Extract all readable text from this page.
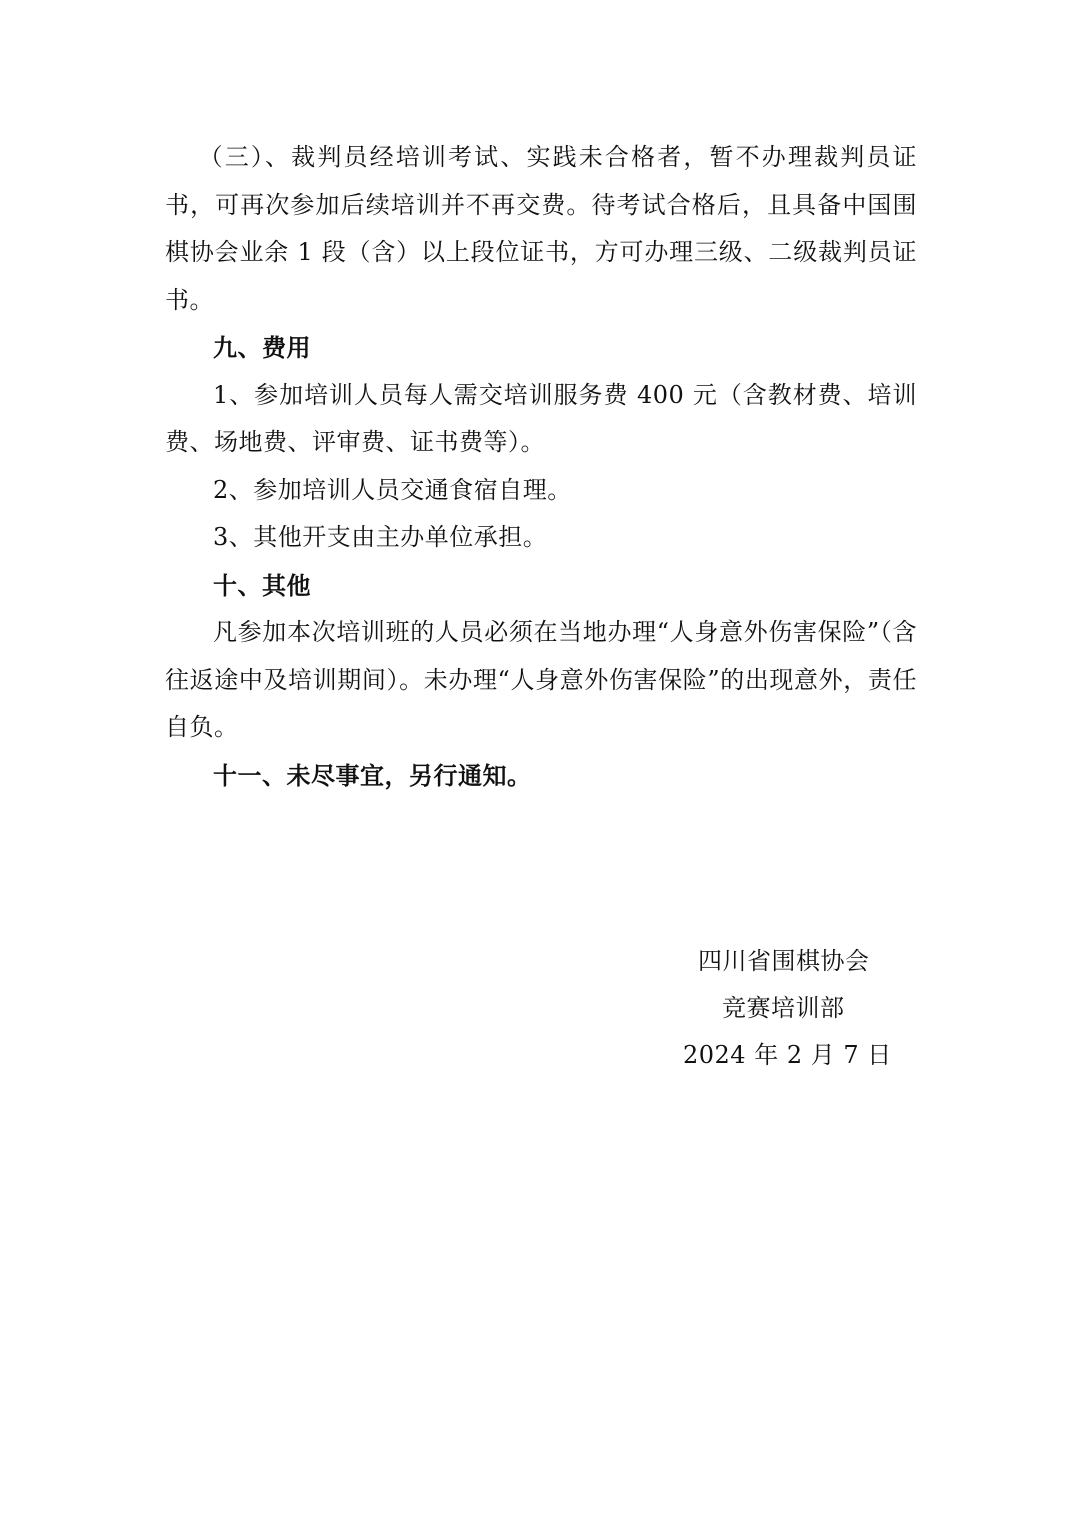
（三）、裁判员经培训考试、实践未合格者，暂不办理裁判员证书，可再次参加后续培训并不再交费。待考试合格后，且具备中国围棋协会业余 1 段（含）以上段位证书，方可办理三级、二级裁判员证书。

九、费用

1、参加培训人员每人需交培训服务费 400 元（含教材费、培训费、场地费、评审费、证书费等）。

2、参加培训人员交通食宿自理。

3、其他开支由主办单位承担。

十、其他

凡参加本次培训班的人员必须在当地办理“人身意外伤害保险”（含往返途中及培训期间）。未办理“人身意外伤害保险”的出现意外，责任自负。

十一、未尽事宜，另行通知。

四川省围棋协会

竞赛培训部

2024 年 2 月 7 日
